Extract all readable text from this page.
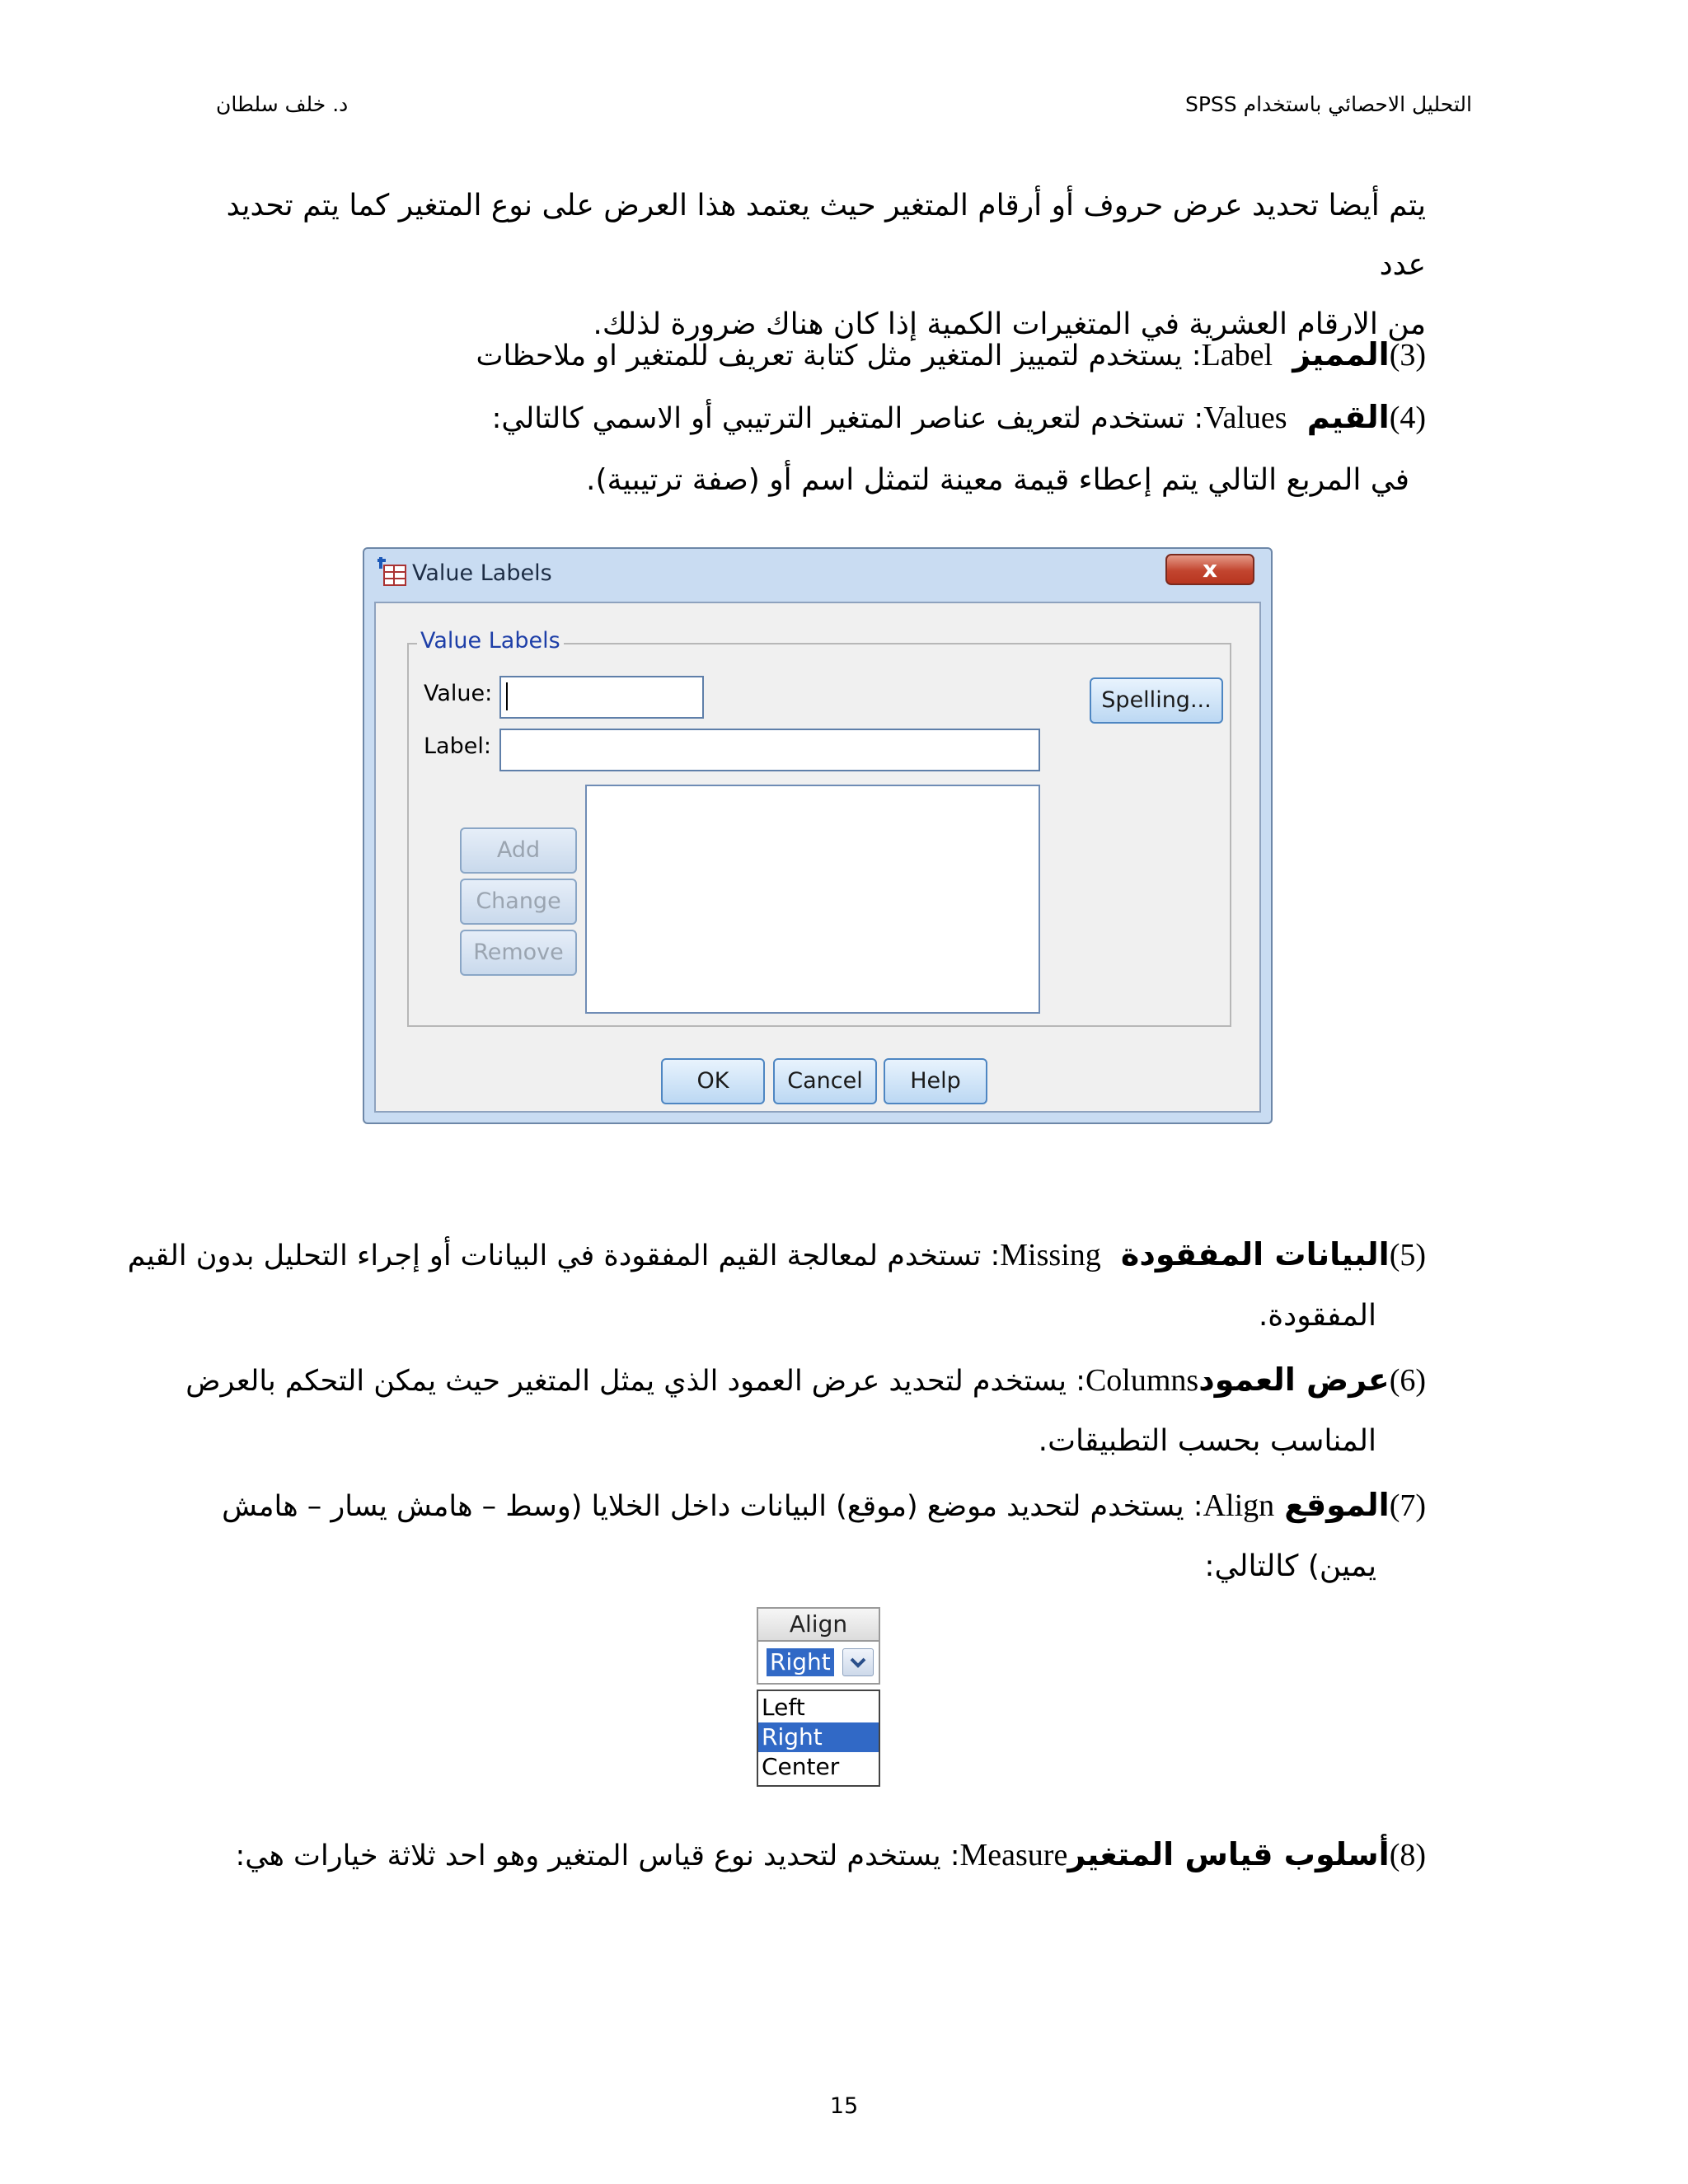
د. خلف سلطان	التحليل الاحصائي باستخدام SPSS
يتم أيضا تحديد عرض حروف أو أرقام المتغير حيث يعتمد هذا العرض على نوع المتغير كما يتم تحديد عدد
من الارقام العشرية في المتغيرات الكمية إذا كان هناك ضرورة لذلك.
(3)المميز  Label: يستخدم لتمييز المتغير مثل كتابة تعريف للمتغير او ملاحظات
(4)القيم  Values: تستخدم لتعريف عناصر المتغير الترتيبي أو الاسمي كالتالي:
في المربع التالي يتم إعطاء قيمة معينة لتمثل اسم أو (صفة ترتيبية).
Value Labels	x
Value Labels
Value:
Label:
Spelling...
Add
Change
Remove
OK	Cancel	Help
(5)البيانات المفقودة  Missing: تستخدم لمعالجة القيم المفقودة في البيانات أو إجراء التحليل بدون القيم
المفقودة.
(6)عرض العمودColumns: يستخدم لتحديد عرض العمود الذي يمثل المتغير حيث يمكن التحكم بالعرض
المناسب بحسب التطبيقات.
(7)الموقع Align: يستخدم لتحديد موضع (موقع) البيانات داخل الخلايا (وسط – هامش يسار – هامش
يمين) كالتالي:
Align
Right
Left
Right
Center
(8)أسلوب قياس المتغيرMeasure: يستخدم لتحديد نوع قياس المتغير وهو احد ثلاثة خيارات هي:
15
